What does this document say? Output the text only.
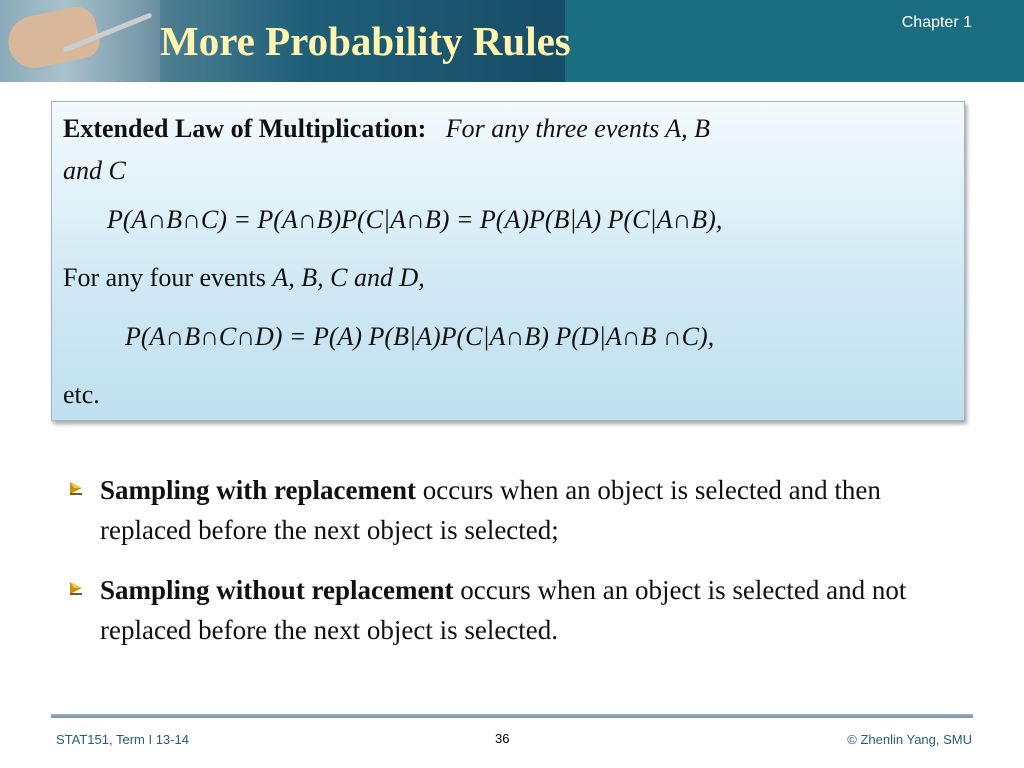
More Probability Rules	Chapter 1
Extended Law of Multiplication: For any three events A, B
and C
P(A∩B∩C) = P(A∩B)P(C|A∩B) = P(A)P(B|A) P(C|A∩B),
For any four events A, B, C and D,
P(A∩B∩C∩D) = P(A) P(B|A)P(C|A∩B) P(D|A∩B ∩C),
etc.
Sampling with replacement occurs when an object is selected and then replaced before the next object is selected;
Sampling without replacement occurs when an object is selected and not replaced before the next object is selected.
STAT151, Term I 13-14	36	© Zhenlin Yang, SMU
